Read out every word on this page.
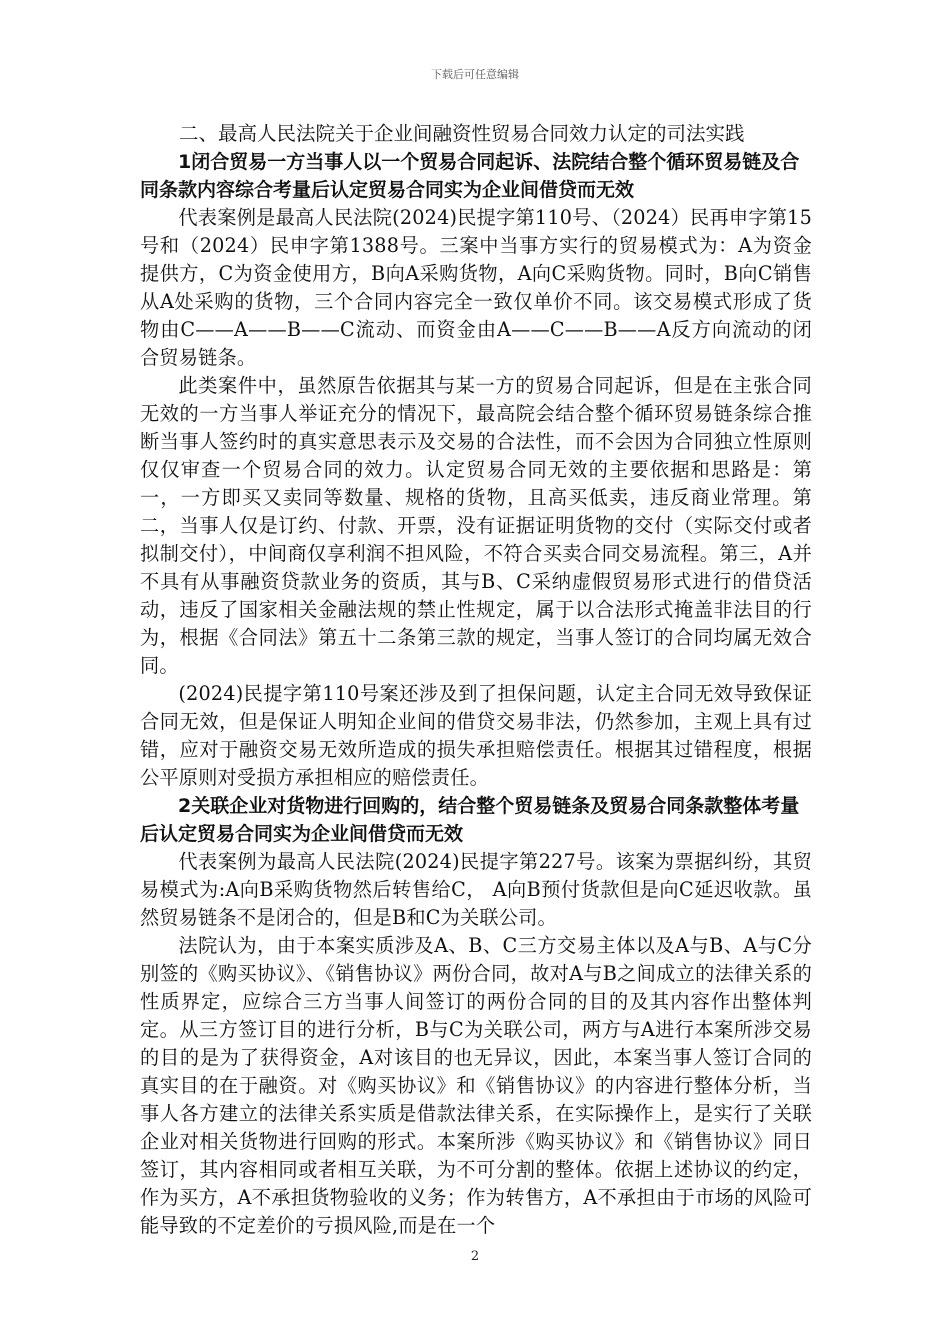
下载后可任意编辑

二、最高人民法院关于企业间融资性贸易合同效力认定的司法实践

1闭合贸易一方当事人以一个贸易合同起诉、法院结合整个循环贸易链及合同条款内容综合考量后认定贸易合同实为企业间借贷而无效

代表案例是最高人民法院(2024)民提字第110号、（2024）民再申字第15号和（2024）民申字第1388号。三案中当事方实行的贸易模式为：A为资金提供方，C为资金使用方，B向A采购货物，A向C采购货物。同时，B向C销售从A处采购的货物，三个合同内容完全一致仅单价不同。该交易模式形成了货物由C——A——B——C流动、而资金由A——C——B——A反方向流动的闭合贸易链条。

此类案件中，虽然原告依据其与某一方的贸易合同起诉，但是在主张合同无效的一方当事人举证充分的情况下，最高院会结合整个循环贸易链条综合推断当事人签约时的真实意思表示及交易的合法性，而不会因为合同独立性原则仅仅审查一个贸易合同的效力。认定贸易合同无效的主要依据和思路是：第一，一方即买又卖同等数量、规格的货物，且高买低卖，违反商业常理。第二，当事人仅是订约、付款、开票，没有证据证明货物的交付（实际交付或者拟制交付），中间商仅享利润不担风险，不符合买卖合同交易流程。第三，A并不具有从事融资贷款业务的资质，其与B、C采纳虚假贸易形式进行的借贷活动，违反了国家相关金融法规的禁止性规定，属于以合法形式掩盖非法目的行为，根据《合同法》第五十二条第三款的规定，当事人签订的合同均属无效合同。

(2024)民提字第110号案还涉及到了担保问题，认定主合同无效导致保证合同无效，但是保证人明知企业间的借贷交易非法，仍然参加，主观上具有过错，应对于融资交易无效所造成的损失承担赔偿责任。根据其过错程度，根据公平原则对受损方承担相应的赔偿责任。

2关联企业对货物进行回购的，结合整个贸易链条及贸易合同条款整体考量后认定贸易合同实为企业间借贷而无效

代表案例为最高人民法院(2024)民提字第227号。该案为票据纠纷，其贸易模式为:A向B采购货物然后转售给C， A向B预付货款但是向C延迟收款。虽然贸易链条不是闭合的，但是B和C为关联公司。

法院认为，由于本案实质涉及A、B、C三方交易主体以及A与B、A与C分别签的《购买协议》、《销售协议》两份合同，故对A与B之间成立的法律关系的性质界定，应综合三方当事人间签订的两份合同的目的及其内容作出整体判定。从三方签订目的进行分析，B与C为关联公司，两方与A进行本案所涉交易的目的是为了获得资金，A对该目的也无异议，因此，本案当事人签订合同的真实目的在于融资。对《购买协议》和《销售协议》的内容进行整体分析，当事人各方建立的法律关系实质是借款法律关系，在实际操作上，是实行了关联企业对相关货物进行回购的形式。本案所涉《购买协议》和《销售协议》同日签订，其内容相同或者相互关联，为不可分割的整体。依据上述协议的约定，作为买方，A不承担货物验收的义务；作为转售方，A不承担由于市场的风险可能导致的不定差价的亏损风险,而是在一个

2
